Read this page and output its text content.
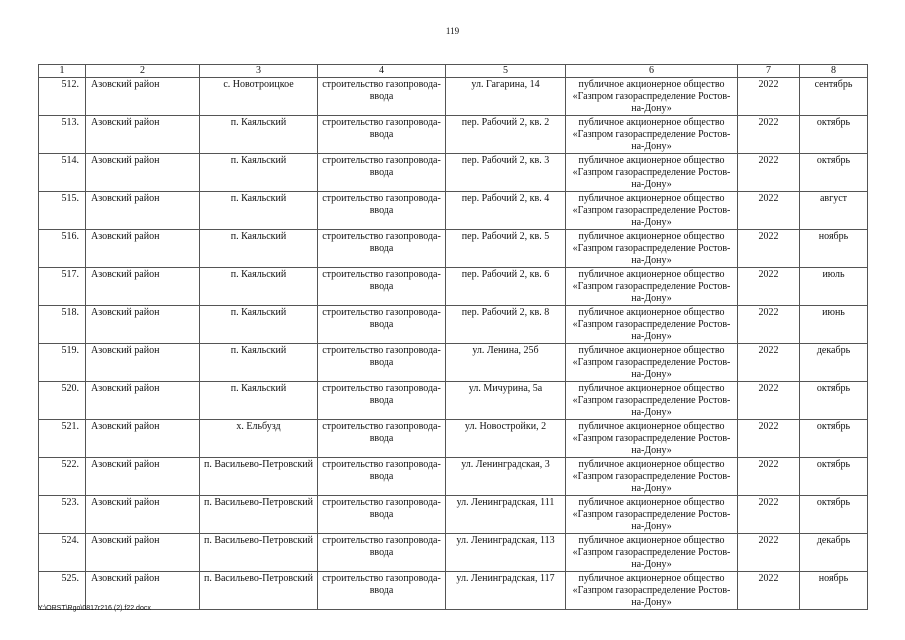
119
1	2	3	4	5	6	7	8
512.	Азовский район	с. Новотроицкое	строительство газопровода-ввода	ул. Гагарина, 14	публичное акционерное общество «Газпром газораспределение Ростов-на-Дону»	2022	сентябрь
513.	Азовский район	п. Каяльский	строительство газопровода-ввода	пер. Рабочий 2, кв. 2	публичное акционерное общество «Газпром газораспределение Ростов-на-Дону»	2022	октябрь
514.	Азовский район	п. Каяльский	строительство газопровода-ввода	пер. Рабочий 2, кв. 3	публичное акционерное общество «Газпром газораспределение Ростов-на-Дону»	2022	октябрь
515.	Азовский район	п. Каяльский	строительство газопровода-ввода	пер. Рабочий 2, кв. 4	публичное акционерное общество «Газпром газораспределение Ростов-на-Дону»	2022	август
516.	Азовский район	п. Каяльский	строительство газопровода-ввода	пер. Рабочий 2, кв. 5	публичное акционерное общество «Газпром газораспределение Ростов-на-Дону»	2022	ноябрь
517.	Азовский район	п. Каяльский	строительство газопровода-ввода	пер. Рабочий 2, кв. 6	публичное акционерное общество «Газпром газораспределение Ростов-на-Дону»	2022	июль
518.	Азовский район	п. Каяльский	строительство газопровода-ввода	пер. Рабочий 2, кв. 8	публичное акционерное общество «Газпром газораспределение Ростов-на-Дону»	2022	июнь
519.	Азовский район	п. Каяльский	строительство газопровода-ввода	ул. Ленина, 25б	публичное акционерное общество «Газпром газораспределение Ростов-на-Дону»	2022	декабрь
520.	Азовский район	п. Каяльский	строительство газопровода-ввода	ул. Мичурина, 5а	публичное акционерное общество «Газпром газораспределение Ростов-на-Дону»	2022	октябрь
521.	Азовский район	х. Ельбузд	строительство газопровода-ввода	ул. Новостройки, 2	публичное акционерное общество «Газпром газораспределение Ростов-на-Дону»	2022	октябрь
522.	Азовский район	п. Васильево-Петровский	строительство газопровода-ввода	ул. Ленинградская, 3	публичное акционерное общество «Газпром газораспределение Ростов-на-Дону»	2022	октябрь
523.	Азовский район	п. Васильево-Петровский	строительство газопровода-ввода	ул. Ленинградская, 111	публичное акционерное общество «Газпром газораспределение Ростов-на-Дону»	2022	октябрь
524.	Азовский район	п. Васильево-Петровский	строительство газопровода-ввода	ул. Ленинградская, 113	публичное акционерное общество «Газпром газораспределение Ростов-на-Дону»	2022	декабрь
525.	Азовский район	п. Васильево-Петровский	строительство газопровода-ввода	ул. Ленинградская, 117	публичное акционерное общество «Газпром газораспределение Ростов-на-Дону»	2022	ноябрь
Y:\ORST\Rgo\0817r216 (2).f22.docx
